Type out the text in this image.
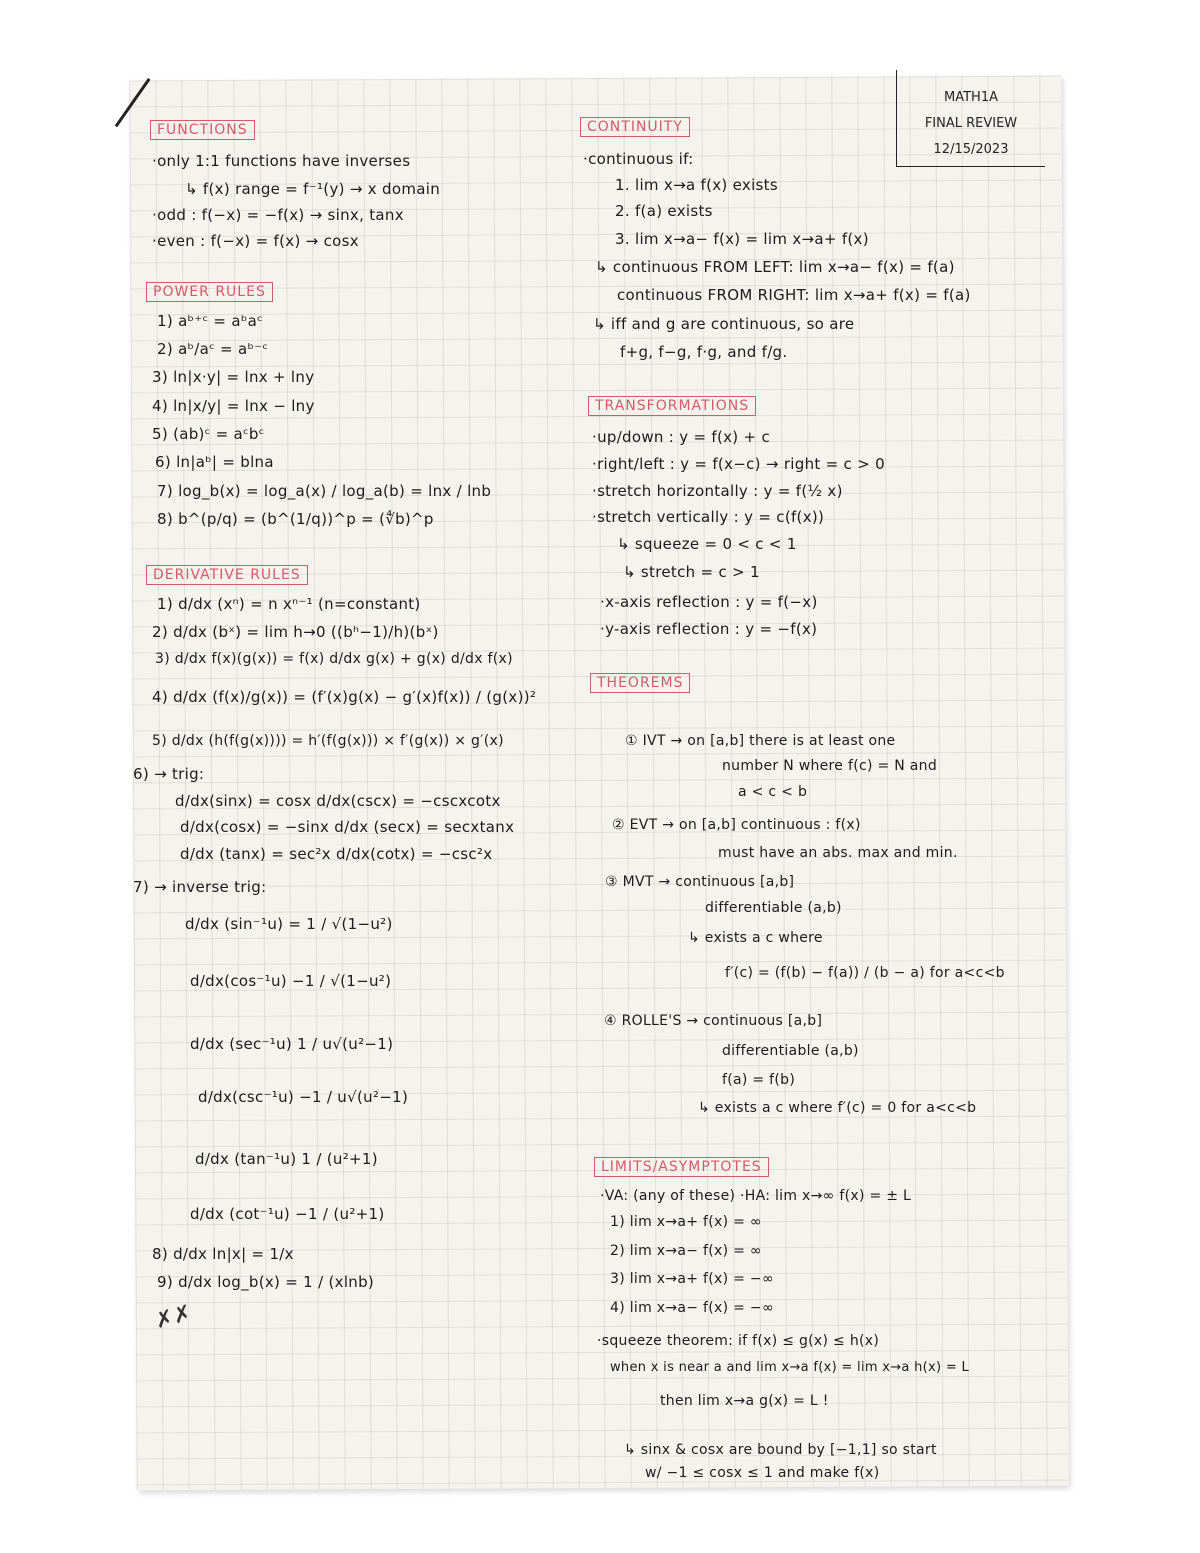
MATH1A
FINAL REVIEW
12/15/2023
FUNCTIONS
·only 1:1 functions have inverses
↳ f(x) range = f⁻¹(y) → x domain
·odd : f(−x) = −f(x) → sinx, tanx
·even : f(−x) = f(x) → cosx
POWER RULES
1) aᵇ⁺ᶜ = aᵇaᶜ
2) aᵇ/aᶜ = aᵇ⁻ᶜ
3) ln|x·y| = lnx + lny
4) ln|x/y| = lnx − lny
5) (ab)ᶜ = aᶜbᶜ
6) ln|aᵇ| = blna
7) log_b(x) = log_a(x) / log_a(b) = lnx / lnb
8) b^(p/q) = (b^(1/q))^p = (∜b)^p
DERIVATIVE RULES
1) d/dx (xⁿ) = n xⁿ⁻¹ (n=constant)
2) d/dx (bˣ) = lim h→0 ((bʰ−1)/h)(bˣ)
3) d/dx f(x)(g(x)) = f(x) d/dx g(x) + g(x) d/dx f(x)
4) d/dx (f(x)/g(x)) = (f′(x)g(x) − g′(x)f(x)) / (g(x))²
5) d/dx (h(f(g(x)))) = h′(f(g(x))) × f′(g(x)) × g′(x)
6) → trig:
d/dx(sinx) = cosx d/dx(cscx) = −cscxcotx
d/dx(cosx) = −sinx d/dx (secx) = secxtanx
d/dx (tanx) = sec²x d/dx(cotx) = −csc²x
7) → inverse trig:
d/dx (sin⁻¹u) = 1 / √(1−u²)
d/dx(cos⁻¹u) −1 / √(1−u²)
d/dx (sec⁻¹u) 1 / u√(u²−1)
d/dx(csc⁻¹u) −1 / u√(u²−1)
d/dx (tan⁻¹u) 1 / (u²+1)
d/dx (cot⁻¹u) −1 / (u²+1)
8) d/dx ln|x| = 1/x
9) d/dx log_b(x) = 1 / (xlnb)
✗✗
CONTINUITY
·continuous if:
1. lim x→a f(x) exists
2. f(a) exists
3. lim x→a− f(x) = lim x→a+ f(x)
↳ continuous FROM LEFT: lim x→a− f(x) = f(a)
continuous FROM RIGHT: lim x→a+ f(x) = f(a)
↳ iff and g are continuous, so are
f+g, f−g, f·g, and f/g.
TRANSFORMATIONS
·up/down : y = f(x) + c
·right/left : y = f(x−c) → right = c > 0
·stretch horizontally : y = f(½ x)
·stretch vertically : y = c(f(x))
↳ squeeze = 0 < c < 1
↳ stretch = c > 1
·x-axis reflection : y = f(−x)
·y-axis reflection : y = −f(x)
THEOREMS
① IVT → on [a,b] there is at least one
number N where f(c) = N and
a < c < b
② EVT → on [a,b] continuous : f(x)
must have an abs. max and min.
③ MVT → continuous [a,b]
differentiable (a,b)
↳ exists a c where
f′(c) = (f(b) − f(a)) / (b − a) for a<c<b
④ ROLLE'S → continuous [a,b]
differentiable (a,b)
f(a) = f(b)
↳ exists a c where f′(c) = 0 for a<c<b
LIMITS/ASYMPTOTES
·VA: (any of these) ·HA: lim x→∞ f(x) = ± L
1) lim x→a+ f(x) = ∞
2) lim x→a− f(x) = ∞
3) lim x→a+ f(x) = −∞
4) lim x→a− f(x) = −∞
·squeeze theorem: if f(x) ≤ g(x) ≤ h(x)
when x is near a and lim x→a f(x) = lim x→a h(x) = L
then lim x→a g(x) = L !
↳ sinx & cosx are bound by [−1,1] so start
w/ −1 ≤ cosx ≤ 1 and make f(x)
